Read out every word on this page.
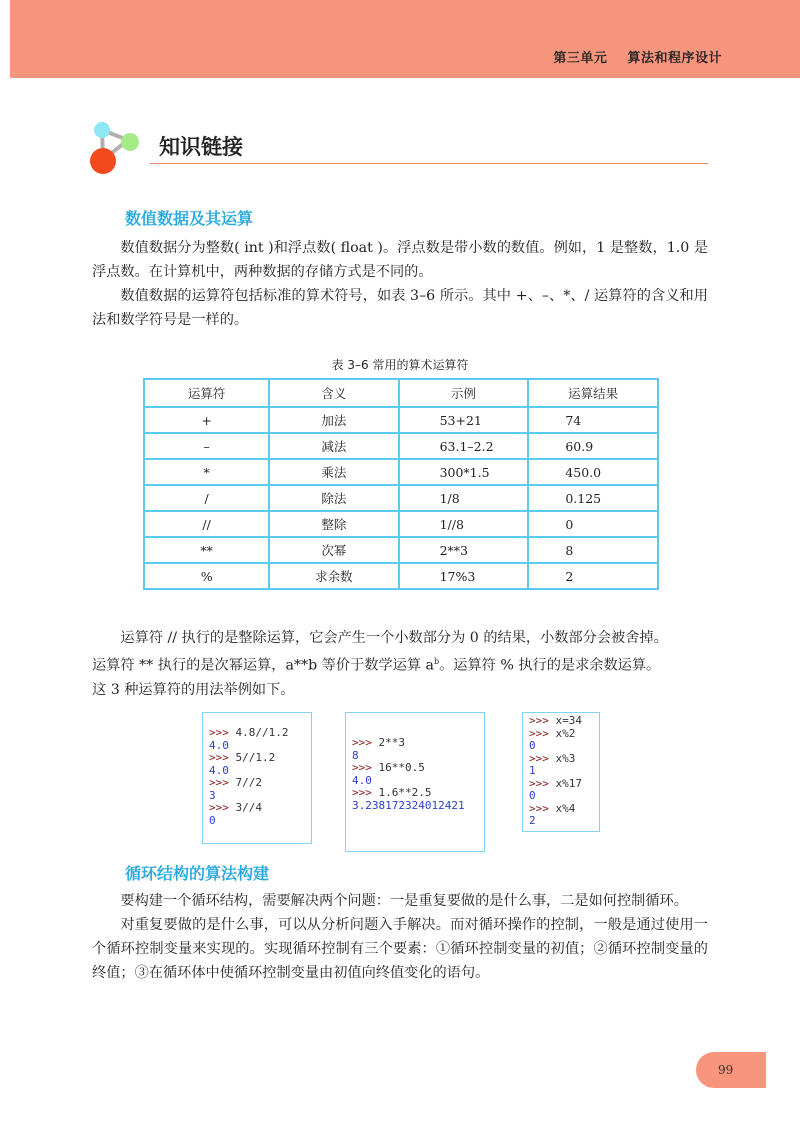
第三单元    算法和程序设计
知识链接
数值数据及其运算

数值数据分为整数( int )和浮点数( float )。浮点数是带小数的数值。例如，1 是整数，1.0 是浮点数。在计算机中，两种数据的存储方式是不同的。

数值数据的运算符包括标准的算术符号，如表 3–6 所示。其中 +、–、*、/ 运算符的含义和用法和数学符号是一样的。

表 3–6 常用的算术运算符
运算符	含义	示例	运算结果
+	加法	53+21	74
–	减法	63.1–2.2	60.9
*	乘法	300*1.5	450.0
/	除法	1/8	0.125
//	整除	1//8	0
**	次幂	2**3	8
%	求余数	17%3	2

运算符 // 执行的是整除运算，它会产生一个小数部分为 0 的结果，小数部分会被舍掉。

运算符 ** 执行的是次幂运算，a**b 等价于数学运算 $a^b$。运算符 % 执行的是求余数运算。
这 3 种运算符的用法举例如下。
>>> 4.8//1.2
4.0
>>> 5//1.2
4.0
>>> 7//2
3
>>> 3//4
0
>>> 2**3
8
>>> 16**0.5
4.0
>>> 1.6**2.5
3.238172324012421
>>> x=34
>>> x%2
0
>>> x%3
1
>>> x%17
0
>>> x%4
2
循环结构的算法构建

要构建一个循环结构，需要解决两个问题：一是重复要做的是什么事，二是如何控制循环。

对重复要做的是什么事，可以从分析问题入手解决。而对循环操作的控制，一般是通过使用一个循环控制变量来实现的。实现循环控制有三个要素：①循环控制变量的初值；②循环控制变量的终值；③在循环体中使循环控制变量由初值向终值变化的语句。

99
